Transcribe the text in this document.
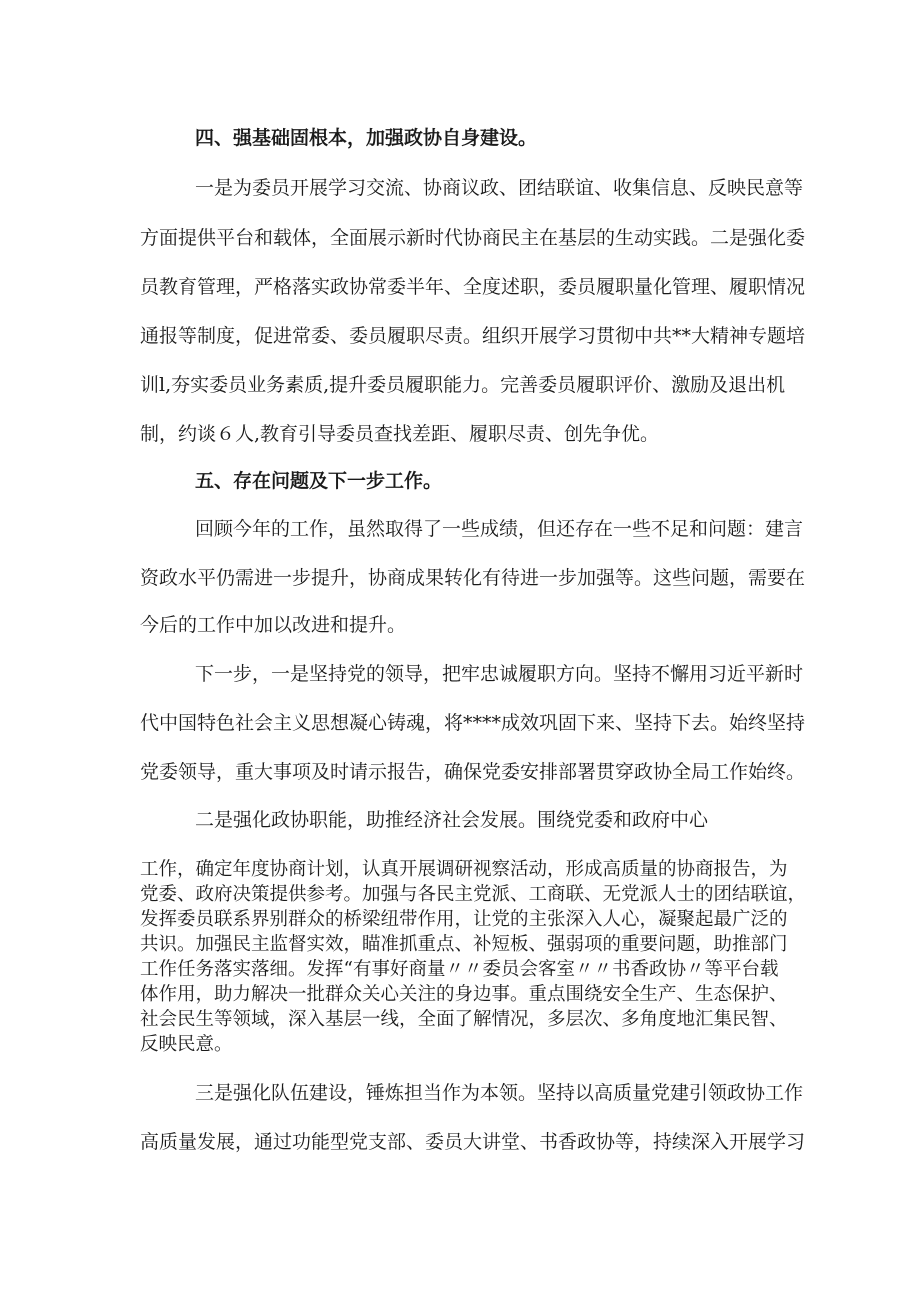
四、强基础固根本，加强政协自身建设。
一是为委员开展学习交流、协商议政、团结联谊、收集信息、反映民意等
方面提供平台和载体，全面展示新时代协商民主在基层的生动实践。二是强化委
员教育管理，严格落实政协常委半年、全度述职，委员履职量化管理、履职情况
通报等制度，促进常委、委员履职尽责。组织开展学习贯彻中共**大精神专题培
训l,夯实委员业务素质,提升委员履职能力。完善委员履职评价、激励及退出机
制，约谈６人,教育引导委员查找差距、履职尽责、创先争优。
五、存在问题及下一步工作。
回顾今年的工作，虽然取得了一些成绩，但还存在一些不足和问题：建言
资政水平仍需进一步提升，协商成果转化有待进一步加强等。这些问题，需要在
今后的工作中加以改进和提升。
下一步，一是坚持党的领导，把牢忠诚履职方向。坚持不懈用习近平新时
代中国特色社会主义思想凝心铸魂，将****成效巩固下来、坚持下去。始终坚持
党委领导，重大事项及时请示报告，确保党委安排部署贯穿政协全局工作始终。
二是强化政协职能，助推经济社会发展。围绕党委和政府中心
工作，确定年度协商计划，认真开展调研视察活动，形成高质量的协商报告，为
党委、政府决策提供参考。加强与各民主党派、工商联、无党派人士的团结联谊，
发挥委员联系界别群众的桥梁纽带作用，让党的主张深入人心，凝聚起最广泛的
共识。加强民主监督实效，瞄准抓重点、补短板、强弱项的重要问题，助推部门
工作任务落实落细。发挥“有事好商量〃〃委员会客室〃〃书香政协〃等平台载
体作用，助力解决一批群众关心关注的身边事。重点围绕安全生产、生态保护、
社会民生等领域，深入基层一线，全面了解情况，多层次、多角度地汇集民智、
反映民意。
三是强化队伍建设，锤炼担当作为本领。坚持以高质量党建引领政协工作
高质量发展，通过功能型党支部、委员大讲堂、书香政协等，持续深入开展学习
